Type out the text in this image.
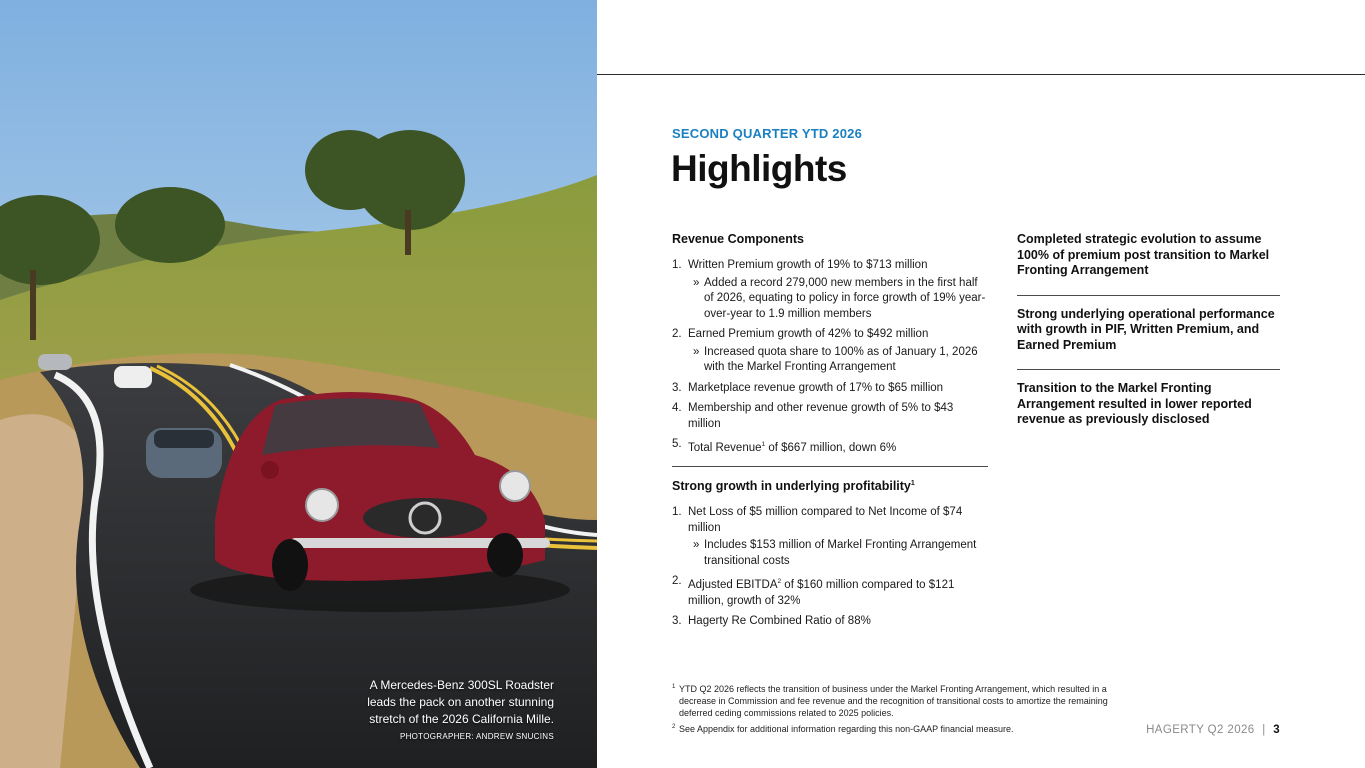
A Mercedes-Benz 300SL Roadster leads the pack on another stunning stretch of the 2026 California Mille.
PHOTOGRAPHER: ANDREW SNUCINS
SECOND QUARTER YTD 2026
Highlights
Revenue Components
1. Written Premium growth of 19% to $713 million
» Added a record 279,000 new members in the first half of 2026, equating to policy in force growth of 19% year-over-year to 1.9 million members
2. Earned Premium growth of 42% to $492 million
» Increased quota share to 100% as of January 1, 2026 with the Markel Fronting Arrangement
3. Marketplace revenue growth of 17% to $65 million
4. Membership and other revenue growth of 5% to $43 million
5. Total Revenue$^1$ of $667 million, down 6%
Strong growth in underlying profitability$^1$
1. Net Loss of $5 million compared to Net Income of $74 million
» Includes $153 million of Markel Fronting Arrangement transitional costs
2. Adjusted EBITDA$^2$ of $160 million compared to $121 million, growth of 32%
3. Hagerty Re Combined Ratio of 88%
Completed strategic evolution to assume 100% of premium post transition to Markel Fronting Arrangement
Strong underlying operational performance with growth in PIF, Written Premium, and Earned Premium
Transition to the Markel Fronting Arrangement resulted in lower reported revenue as previously disclosed
1 YTD Q2 2026 reflects the transition of business under the Markel Fronting Arrangement, which resulted in a decrease in Commission and fee revenue and the recognition of transitional costs to amortize the remaining deferred ceding commissions related to 2025 policies.
2 See Appendix for additional information regarding this non-GAAP financial measure.	HAGERTY Q2 2026 | 3
